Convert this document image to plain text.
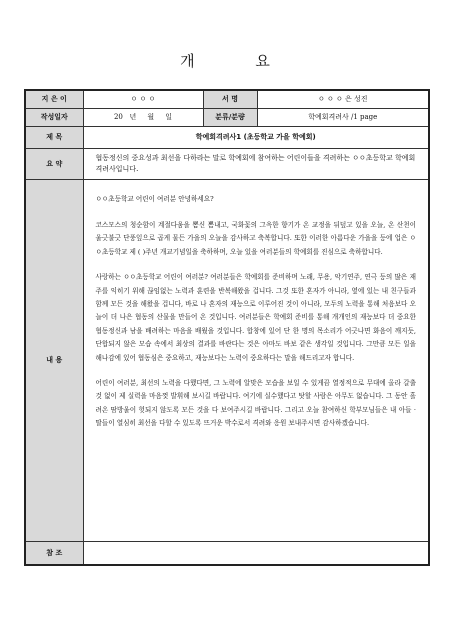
개 요
지 은 이	ㅇ ㅇ ㅇ	서 명	ㅇ ㅇ ㅇ 은 성진
작성일자	20   년     월     일	분류/분량	학예회격려사 /1 page
제 목	학예회격려사1 (초등학교 가을 학예회)		
요 약	협동정신의 중요성과 최선을 다하라는 말로 학예회에 참여하는 어린이들을 격려하는 ㅇㅇ초등학교 학예회격려사입니다.		
내 용	ㅇㅇ초등학교 어린이 여러분 안녕하세요?

코스모스의 청순함이 계절다움을 뽐신 뽐내고, 국화꽃의 그윽한 향기가 온 교정을 뒤덮고 있을 오늘, 온 산천이 울긋불긋 단풍잎으로 곱게 물든 가을의 오늘을 감사하고 축복합니다. 또한 이러한 아름다운 가을을 등에 업은 ㅇㅇ초등학교 제 ( )주년 개교기념일을 축하하며, 오늘 있을 여러분들의 학예회를 진심으로 축하합니다.

사랑하는 ㅇㅇ초등학교 어린이 여러분? 여러분들은 학예회를 준비하며 노래, 무용, 악기연주, 연극 등의 많은 재주를 익히기 위해 끊임없는 노력과 훈련을 반복해왔을 겁니다. 그것 또한 혼자가 아니라, 옆에 있는 내 친구들과 함께 모든 것을 해왔을 겁니다, 바로 나 혼자의 재능으로 이루어진 것이 아니라, 모두의 노력을 통해 처음보다 오늘이 더 나은 협동의 산물을 만들어 온 것입니다. 여러분들은 학예회 준비를 통해 개개인의 재능보다 더 중요한 협동정신과 남을 배려하는 마음을 배웠을 것입니다. 합창에 있어 단 한 명의 목소리가 어긋나면 화음이 깨지듯, 단합되지 않은 모습 속에서 최상의 결과를 바란다는 것은 아마도 바보 같은 생각일 것입니다. 그만큼 모든 일을 해나감에 있어 협동심은 중요하고, 재능보다는 노력이 중요하다는 말을 해드리고자 합니다.

어린이 여러분, 최선의 노력을 다했다면, 그 노력에 알맞은 모습을 보일 수 있게끔 열정적으로 무대에 올라 갈출 것 없이 제 실력을 마음껏 발휘해 보시길 바랍니다. 여기에 실수했다고 탓할 사람은 아무도 없습니다. 그 동안 흘려온 땀방울이 헛되지 않도록 모든 것을 다 보여주시길 바랍니다. 그리고 오늘 참여하신 학부모님들은 내 아들 · 딸들이 열심히 최선을 다할 수 있도록 뜨거운 박수로서 격려와 응원 보내주시면 감사하겠습니다.		

참 조			
